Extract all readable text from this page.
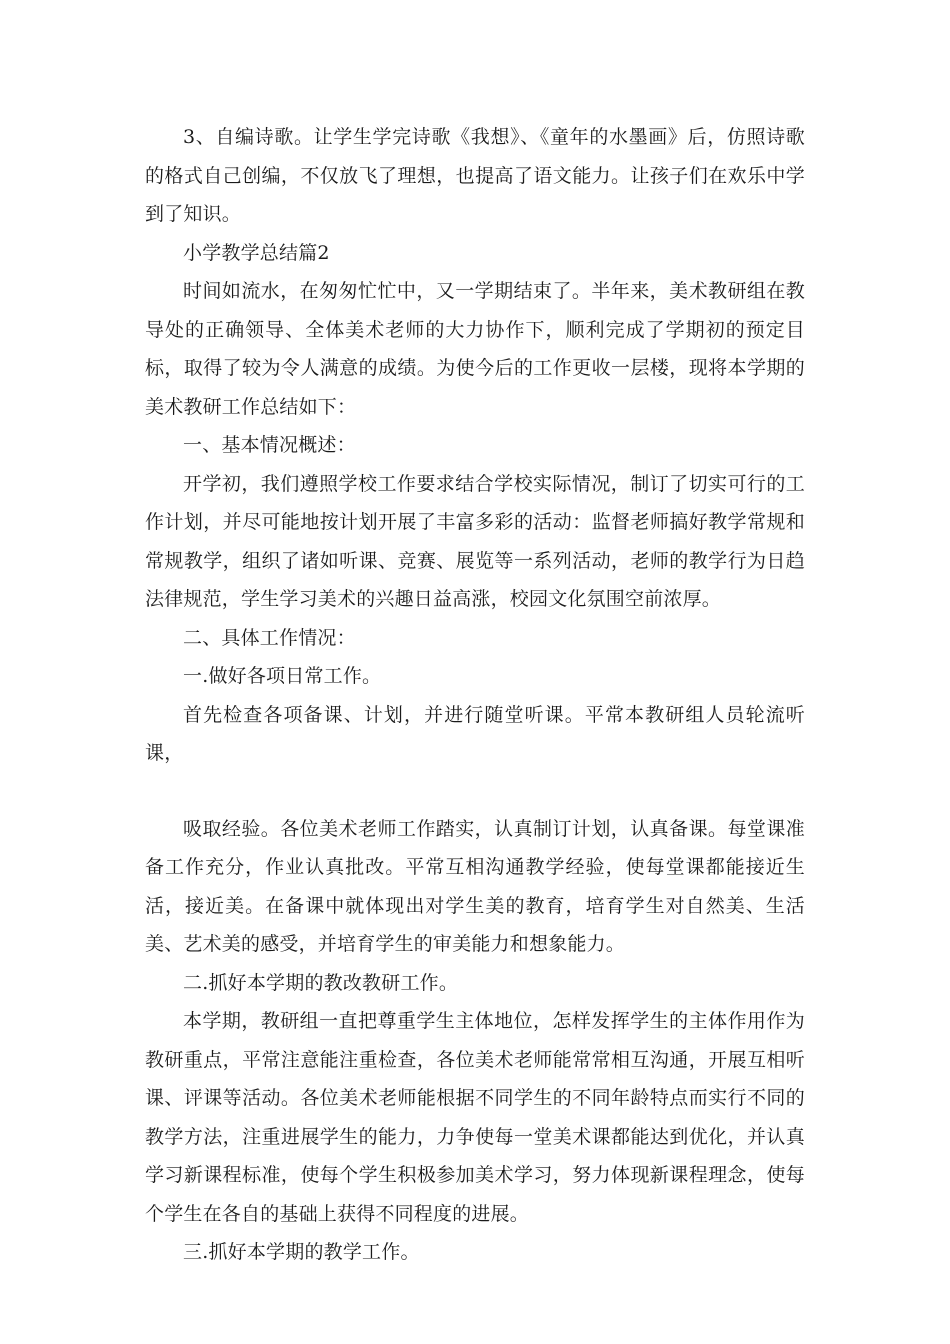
3、自编诗歌。让学生学完诗歌《我想》、《童年的水墨画》后，仿照诗歌的格式自己创编，不仅放飞了理想，也提高了语文能力。让孩子们在欢乐中学到了知识。

小学教学总结篇2

时间如流水，在匆匆忙忙中，又一学期结束了。半年来，美术教研组在教导处的正确领导、全体美术老师的大力协作下，顺利完成了学期初的预定目标，取得了较为令人满意的成绩。为使今后的工作更收一层楼，现将本学期的美术教研工作总结如下：

一、基本情况概述：

开学初，我们遵照学校工作要求结合学校实际情况，制订了切实可行的工作计划，并尽可能地按计划开展了丰富多彩的活动：监督老师搞好教学常规和常规教学，组织了诸如听课、竞赛、展览等一系列活动，老师的教学行为日趋法律规范，学生学习美术的兴趣日益高涨，校园文化氛围空前浓厚。

二、具体工作情况：

一.做好各项日常工作。

首先检查各项备课、计划，并进行随堂听课。平常本教研组人员轮流听课，

吸取经验。各位美术老师工作踏实，认真制订计划，认真备课。每堂课准备工作充分，作业认真批改。平常互相沟通教学经验，使每堂课都能接近生活，接近美。在备课中就体现出对学生美的教育，培育学生对自然美、生活美、艺术美的感受，并培育学生的审美能力和想象能力。

二.抓好本学期的教改教研工作。

本学期，教研组一直把尊重学生主体地位，怎样发挥学生的主体作用作为教研重点，平常注意能注重检查，各位美术老师能常常相互沟通，开展互相听课、评课等活动。各位美术老师能根据不同学生的不同年龄特点而实行不同的教学方法，注重进展学生的能力，力争使每一堂美术课都能达到优化，并认真学习新课程标准，使每个学生积极参加美术学习，努力体现新课程理念，使每个学生在各自的基础上获得不同程度的进展。

三.抓好本学期的教学工作。
